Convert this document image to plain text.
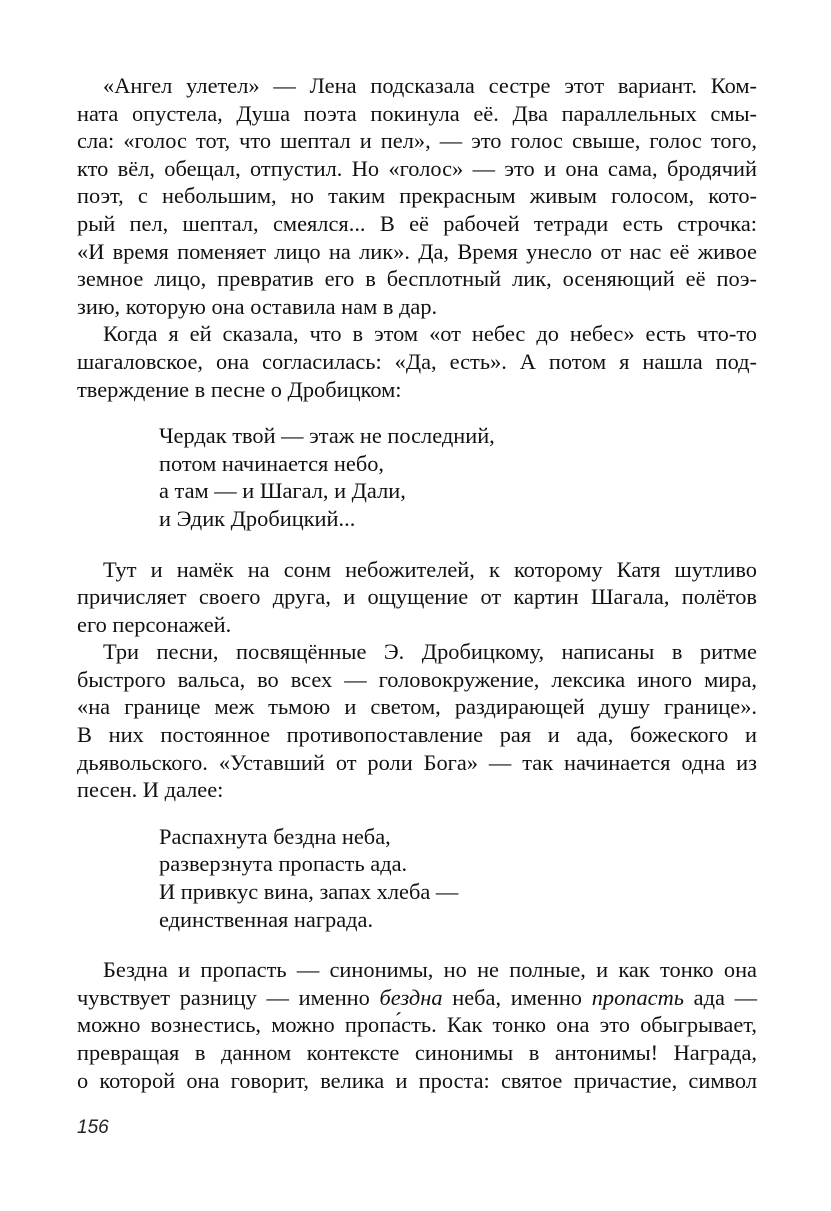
«Ангел улетел» — Лена подсказала сестре этот вариант. Ком-
ната опустела, Душа поэта покинула её. Два параллельных смы-
сла: «голос тот, что шептал и пел», — это голос свыше, голос того,
кто вёл, обещал, отпустил. Но «голос» — это и она сама, бродячий
поэт, с небольшим, но таким прекрасным живым голосом, кото-
рый пел, шептал, смеялся... В её рабочей тетради есть строчка:
«И время поменяет лицо на лик». Да, Время унесло от нас её живое
земное лицо, превратив его в бесплотный лик, осеняющий её поэ-
зию, которую она оставила нам в дар.
Когда я ей сказала, что в этом «от небес до небес» есть что-то
шагаловское, она согласилась: «Да, есть». А потом я нашла под-
тверждение в песне о Дробицком:
Чердак твой — этаж не последний,
потом начинается небо,
а там — и Шагал, и Дали,
и Эдик Дробицкий...
Тут и намёк на сонм небожителей, к которому Катя шутливо
причисляет своего друга, и ощущение от картин Шагала, полётов
его персонажей.
Три песни, посвящённые Э. Дробицкому, написаны в ритме
быстрого вальса, во всех — головокружение, лексика иного мира,
«на границе меж тьмою и светом, раздирающей душу границе».
В них постоянное противопоставление рая и ада, божеского и
дьявольского. «Уставший от роли Бога» — так начинается одна из
песен. И далее:
Распахнута бездна неба,
разверзнута пропасть ада.
И привкус вина, запах хлеба —
единственная награда.
Бездна и пропасть — синонимы, но не полные, и как тонко она
чувствует разницу — именно бездна неба, именно пропасть ада —
можно вознестись, можно пропа́сть. Как тонко она это обыгрывает,
превращая в данном контексте синонимы в антонимы! Награда,
о которой она говорит, велика и проста: святое причастие, символ
156
